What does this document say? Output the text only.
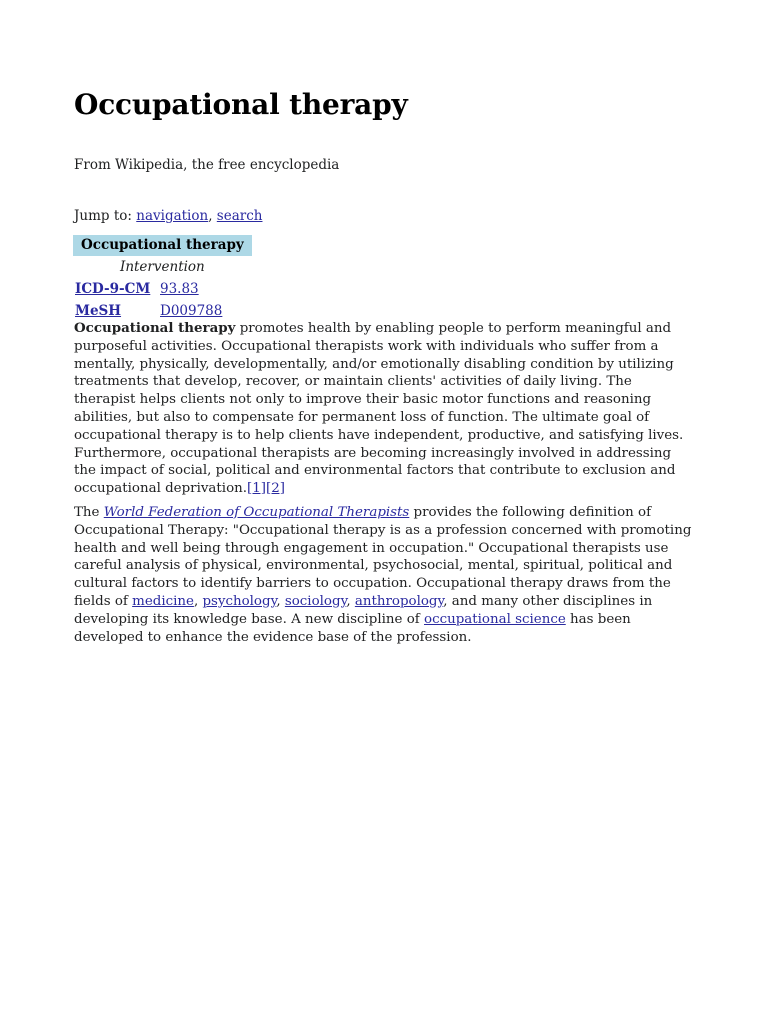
Occupational therapy
From Wikipedia, the free encyclopedia
Jump to: navigation, search
Occupational therapy
Intervention
ICD-9-CM 93.83
MeSH	D009788

Occupational therapy promotes health by enabling people to perform meaningful and purposeful activities. Occupational therapists work with individuals who suffer from a mentally, physically, developmentally, and/or emotionally disabling condition by utilizing treatments that develop, recover, or maintain clients' activities of daily living. The therapist helps clients not only to improve their basic motor functions and reasoning abilities, but also to compensate for permanent loss of function. The ultimate goal of occupational therapy is to help clients have independent, productive, and satisfying lives. Furthermore, occupational therapists are becoming increasingly involved in addressing the impact of social, political and environmental factors that contribute to exclusion and occupational deprivation.[1][2]

The World Federation of Occupational Therapists provides the following definition of Occupational Therapy: "Occupational therapy is as a profession concerned with promoting health and well being through engagement in occupation." Occupational therapists use careful analysis of physical, environmental, psychosocial, mental, spiritual, political and cultural factors to identify barriers to occupation. Occupational therapy draws from the fields of medicine, psychology, sociology, anthropology, and many other disciplines in developing its knowledge base. A new discipline of occupational science has been developed to enhance the evidence base of the profession.
